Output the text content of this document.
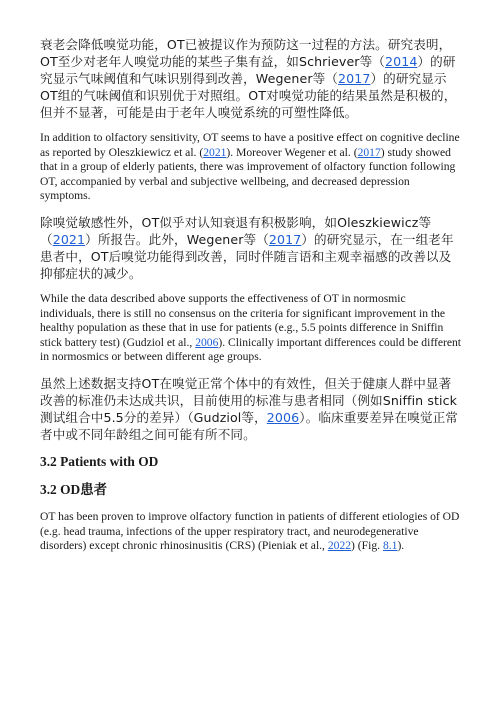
衰老会降低嗅觉功能，OT已被提议作为预防这一过程的方法。研究表明，OT至少对老年人嗅觉功能的某些子集有益，如Schriever等（2014）的研究显示气味阈值和气味识别得到改善，Wegener等（2017）的研究显示OT组的气味阈值和识别优于对照组。OT对嗅觉功能的结果虽然是积极的，但并不显著，可能是由于老年人嗅觉系统的可塑性降低。

In addition to olfactory sensitivity, OT seems to have a positive effect on cognitive decline as reported by Oleszkiewicz et al. (2021). Moreover Wegener et al. (2017) study showed that in a group of elderly patients, there was improvement of olfactory function following OT, accompanied by verbal and subjective wellbeing, and decreased depression symptoms.

除嗅觉敏感性外，OT似乎对认知衰退有积极影响，如Oleszkiewicz等（2021）所报告。此外，Wegener等（2017）的研究显示，在一组老年患者中，OT后嗅觉功能得到改善，同时伴随言语和主观幸福感的改善以及抑郁症状的减少。

While the data described above supports the effectiveness of OT in normosmic individuals, there is still no consensus on the criteria for significant improvement in the healthy population as these that in use for patients (e.g., 5.5 points difference in Sniffin stick battery test) (Gudziol et al., 2006). Clinically important differences could be different in normosmics or between different age groups.

虽然上述数据支持OT在嗅觉正常个体中的有效性，但关于健康人群中显著改善的标准仍未达成共识，目前使用的标准与患者相同（例如Sniffin stick测试组合中5.5分的差异）（Gudziol等，2006）。临床重要差异在嗅觉正常者中或不同年龄组之间可能有所不同。

3.2 Patients with OD
3.2 OD患者

OT has been proven to improve olfactory function in patients of different etiologies of OD (e.g. head trauma, infections of the upper respiratory tract, and neurodegenerative disorders) except chronic rhinosinusitis (CRS) (Pieniak et al., 2022) (Fig. 8.1).
